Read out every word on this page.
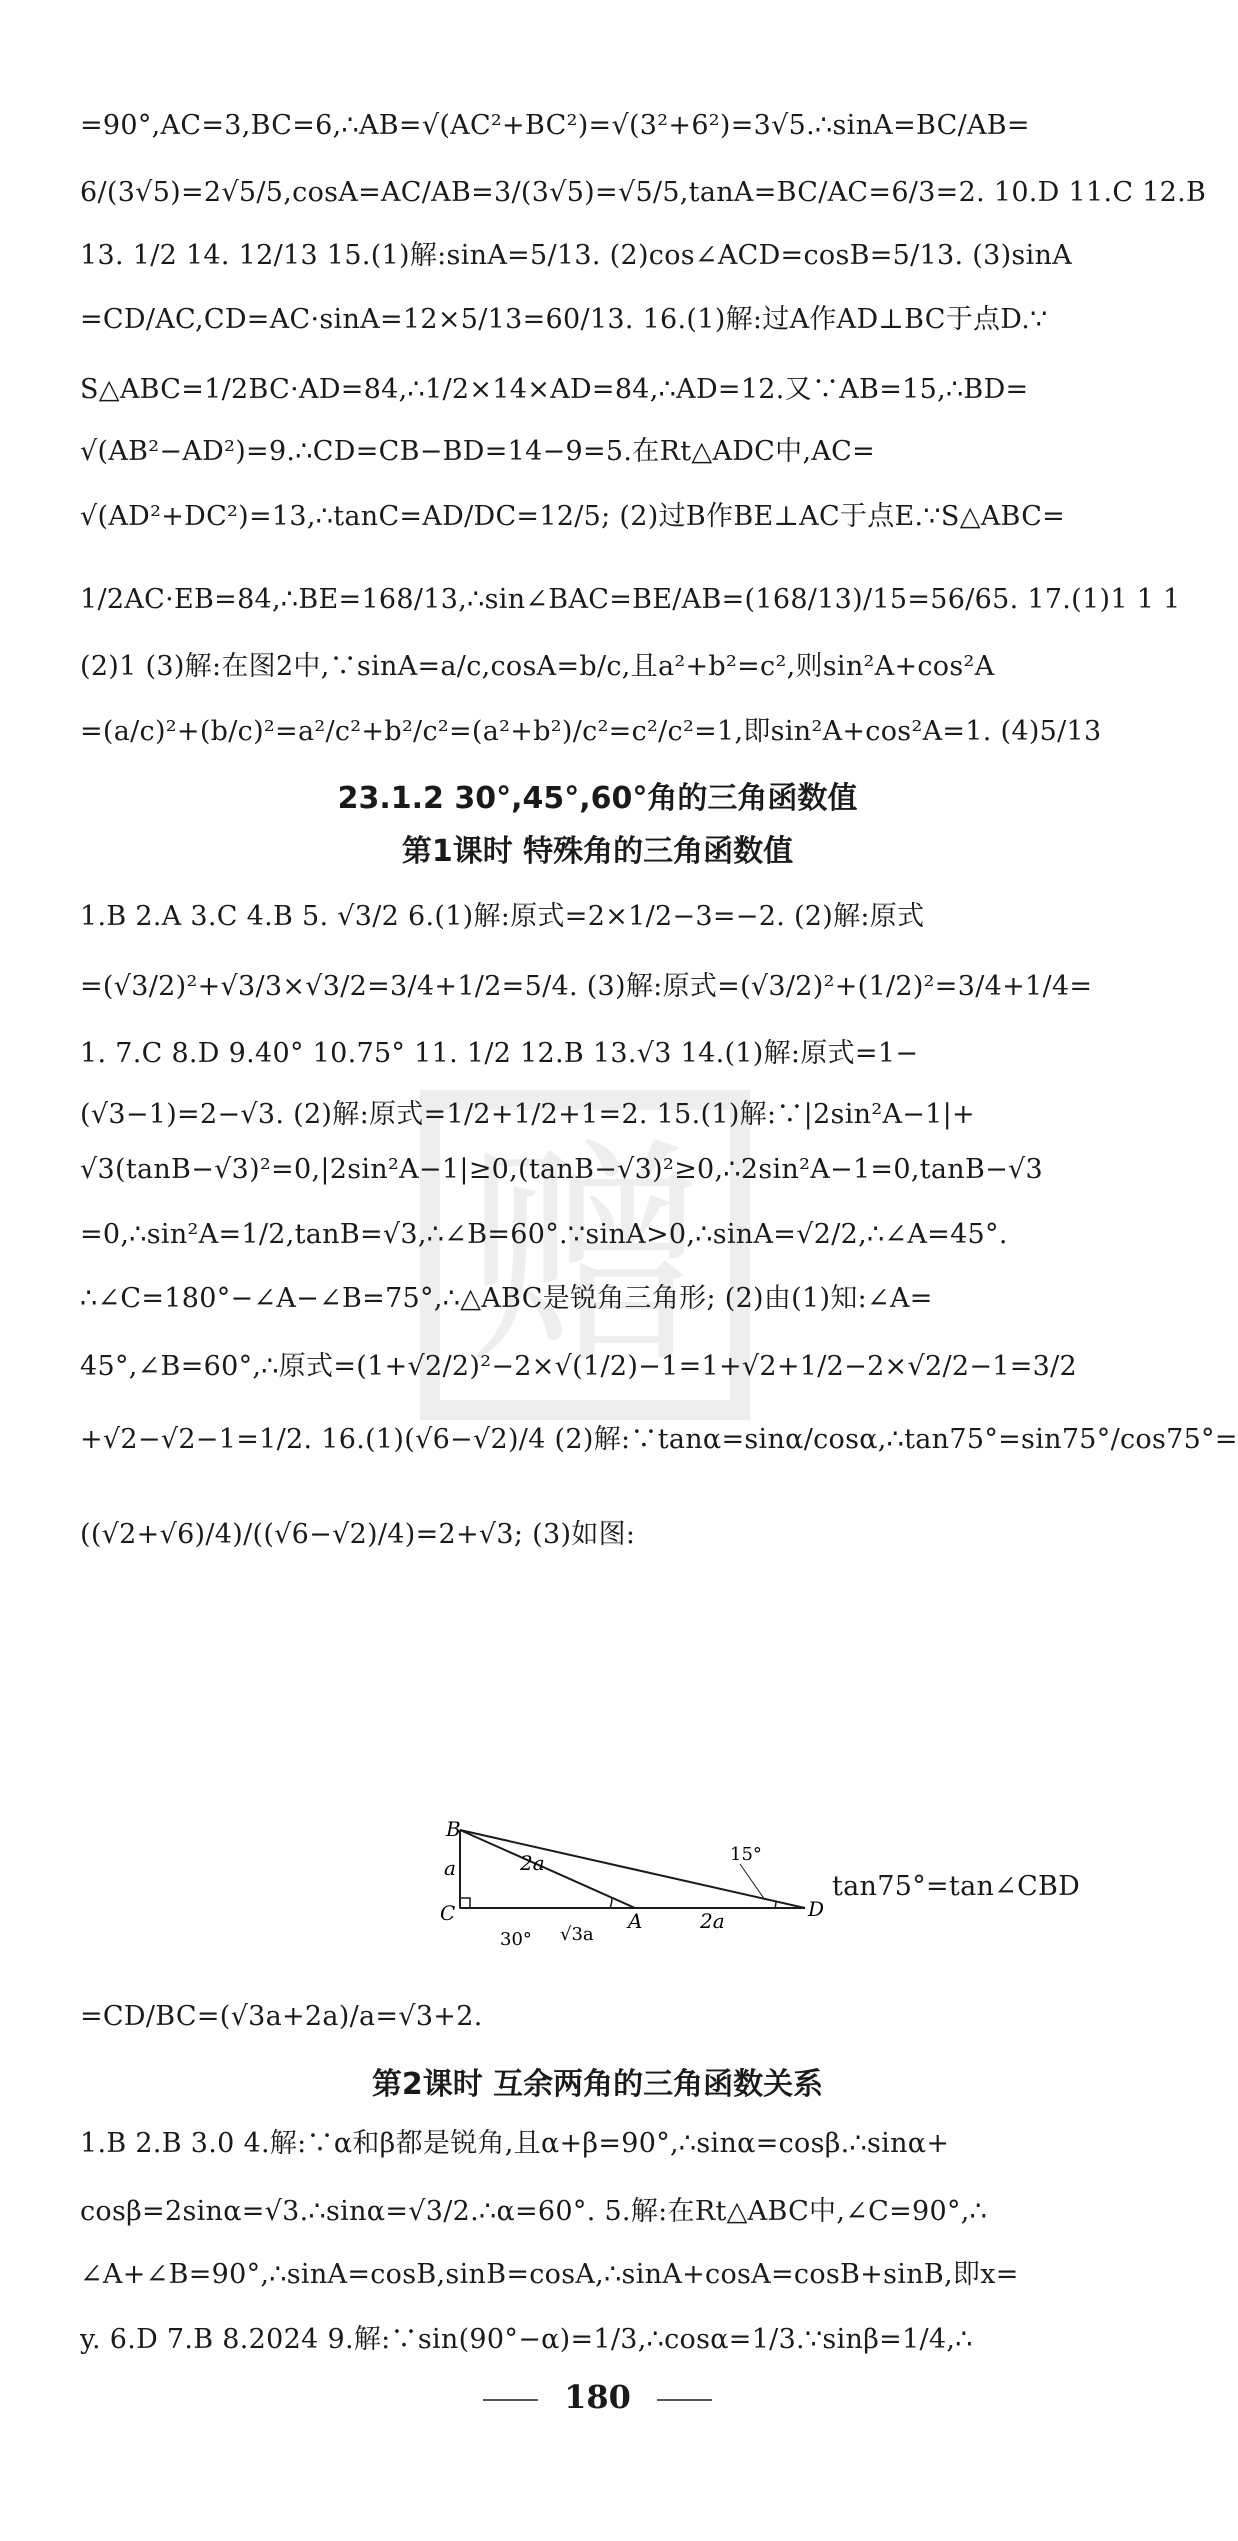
=90°,AC=3,BC=6,∴AB=√(AC²+BC²)=√(3²+6²)=3√5.∴sinA=BC/AB=
6/(3√5)=2√5/5,cosA=AC/AB=3/(3√5)=√5/5,tanA=BC/AC=6/3=2. 10.D 11.C 12.B
13. 1/2 14. 12/13 15.(1)解:sinA=5/13. (2)cos∠ACD=cosB=5/13. (3)sinA
=CD/AC,CD=AC·sinA=12×5/13=60/13. 16.(1)解:过A作AD⊥BC于点D.∵
S△ABC=1/2BC·AD=84,∴1/2×14×AD=84,∴AD=12.又∵AB=15,∴BD=
√(AB²−AD²)=9.∴CD=CB−BD=14−9=5.在Rt△ADC中,AC=
√(AD²+DC²)=13,∴tanC=AD/DC=12/5; (2)过B作BE⊥AC于点E.∵S△ABC=
1/2AC·EB=84,∴BE=168/13,∴sin∠BAC=BE/AB=(168/13)/15=56/65. 17.(1)1 1 1
(2)1 (3)解:在图2中,∵sinA=a/c,cosA=b/c,且a²+b²=c²,则sin²A+cos²A
=(a/c)²+(b/c)²=a²/c²+b²/c²=(a²+b²)/c²=c²/c²=1,即sin²A+cos²A=1. (4)5/13
23.1.2 30°,45°,60°角的三角函数值
第1课时 特殊角的三角函数值
赠
1.B 2.A 3.C 4.B 5. √3/2 6.(1)解:原式=2×1/2−3=−2. (2)解:原式
=(√3/2)²+√3/3×√3/2=3/4+1/2=5/4. (3)解:原式=(√3/2)²+(1/2)²=3/4+1/4=
1. 7.C 8.D 9.40° 10.75° 11. 1/2 12.B 13.√3 14.(1)解:原式=1−
(√3−1)=2−√3. (2)解:原式=1/2+1/2+1=2. 15.(1)解:∵|2sin²A−1|+
√3(tanB−√3)²=0,|2sin²A−1|≥0,(tanB−√3)²≥0,∴2sin²A−1=0,tanB−√3
=0,∴sin²A=1/2,tanB=√3,∴∠B=60°.∵sinA>0,∴sinA=√2/2,∴∠A=45°.
∴∠C=180°−∠A−∠B=75°,∴△ABC是锐角三角形; (2)由(1)知:∠A=
45°,∠B=60°,∴原式=(1+√2/2)²−2×√(1/2)−1=1+√2+1/2−2×√2/2−1=3/2
+√2−√2−1=1/2. 16.(1)(√6−√2)/4 (2)解:∵tanα=sinα/cosα,∴tan75°=sin75°/cos75°=
((√2+√6)/4)/((√6−√2)/4)=2+√3; (3)如图:
B
C	A	D
a	2a
2a
√3a
30°
15°
tan75°=tan∠CBD
=CD/BC=(√3a+2a)/a=√3+2.
第2课时 互余两角的三角函数关系
1.B 2.B 3.0 4.解:∵α和β都是锐角,且α+β=90°,∴sinα=cosβ.∴sinα+
cosβ=2sinα=√3.∴sinα=√3/2.∴α=60°. 5.解:在Rt△ABC中,∠C=90°,∴
∠A+∠B=90°,∴sinA=cosB,sinB=cosA,∴sinA+cosA=cosB+sinB,即x=
y. 6.D 7.B 8.2024 9.解:∵sin(90°−α)=1/3,∴cosα=1/3.∵sinβ=1/4,∴
180
